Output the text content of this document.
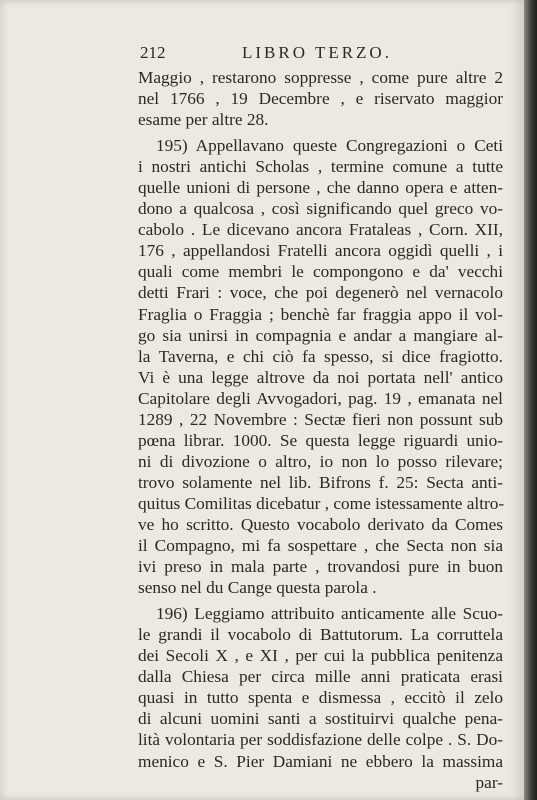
212	LIBRO TERZO.
Maggio , restarono soppresse , come pure altre 2
nel 1766 , 19 Decembre , e riservato maggior
esame per altre 28.
195) Appellavano queste Congregazioni o Ceti
i nostri antichi Scholas , termine comune a tutte
quelle unioni di persone , che danno opera e atten-
dono a qualcosa , così significando quel greco vo-
cabolo . Le dicevano ancora Frataleas , Corn. XII,
176 , appellandosi Fratelli ancora oggidì quelli , i
quali come membri le compongono e da' vecchi
detti Frari : voce, che poi degenerò nel vernacolo
Fraglia o Fraggia ; benchè far fraggia appo il vol-
go sia unirsi in compagnia e andar a mangiare al-
la Taverna, e chi ciò fa spesso, si dice fragiotto.
Vi è una legge altrove da noi portata nell' antico
Capitolare degli Avvogadori, pag. 19 , emanata nel
1289 , 22 Novembre : Sectæ fieri non possunt sub
pœna librar. 1000. Se questa legge riguardi unio-
ni di divozione o altro, io non lo posso rilevare;
trovo solamente nel lib. Bifrons f. 25: Secta anti-
quitus Comilitas dicebatur , come istessamente altro-
ve ho scritto. Questo vocabolo derivato da Comes
il Compagno, mi fa sospettare , che Secta non sia
ivi preso in mala parte , trovandosi pure in buon
senso nel du Cange questa parola .
196) Leggiamo attribuito anticamente alle Scuo-
le grandi il vocabolo di Battutorum. La corruttela
dei Secoli X , e XI , per cui la pubblica penitenza
dalla Chiesa per circa mille anni praticata erasi
quasi in tutto spenta e dismessa , eccitò il zelo
di alcuni uomini santi a sostituirvi qualche pena-
lità volontaria per soddisfazione delle colpe . S. Do-
menico e S. Pier Damiani ne ebbero la massima
par-
